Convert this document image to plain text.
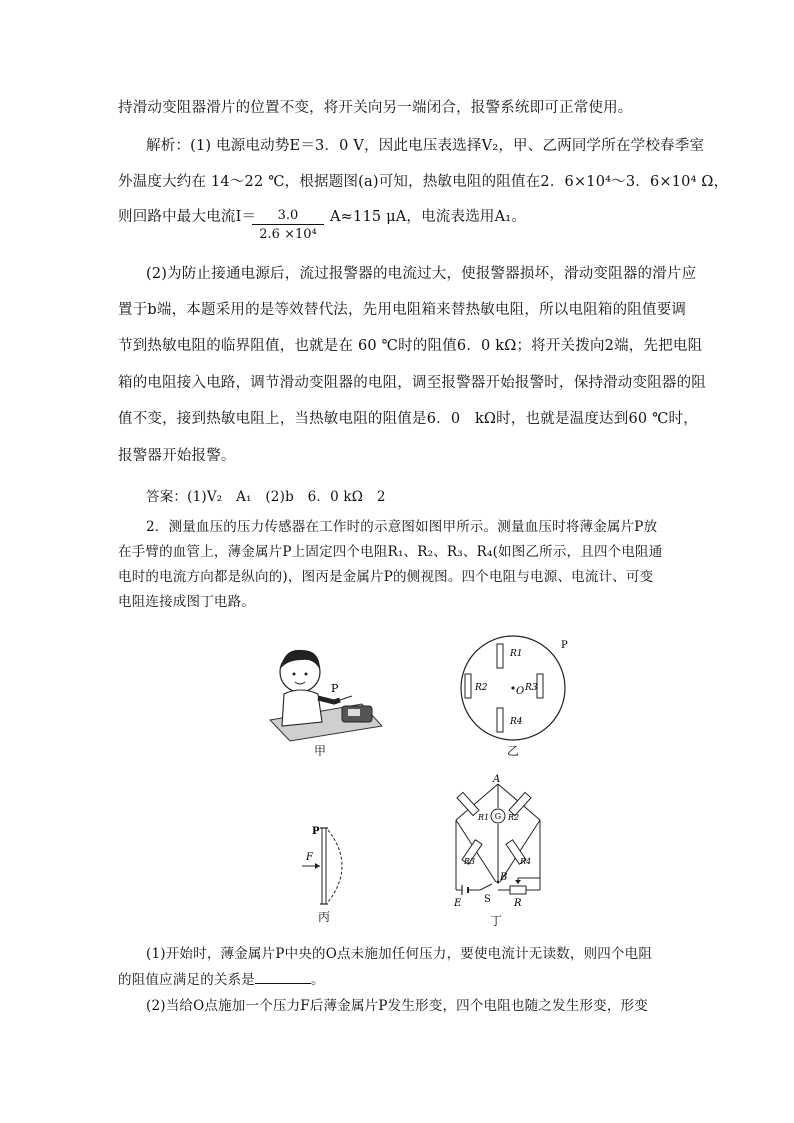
持滑动变阻器滑片的位置不变，将开关向另一端闭合，报警系统即可正常使用。
解析：(1) 电源电动势E＝3．0 V，因此电压表选择V₂，甲、乙两同学所在学校春季室
外温度大约在 14～22 ℃，根据题图(a)可知，热敏电阻的阻值在2．6×10⁴～3．6×10⁴ Ω，
则回路中最大电流I＝
$\frac{3.0}{\text{2.6 ×10⁴}} A\approx 115$ μA，电流表选用A₁。
(2)为防止接通电源后，流过报警器的电流过大，使报警器损坏，滑动变阻器的滑片应
置于b端，本题采用的是等效替代法，先用电阻箱来替热敏电阻，所以电阻箱的阻值要调
节到热敏电阻的临界阻值，也就是在 60 ℃时的阻值6．0 kΩ；将开关拨向2端，先把电阻
箱的电阻接入电路，调节滑动变阻器的电阻，调至报警器开始报警时，保持滑动变阻器的阻
值不变，接到热敏电阻上，当热敏电阻的阻值是6．0　kΩ时，也就是温度达到60 ℃时，
报警器开始报警。
答案：(1)V₂　A₁　(2)b　6．0 kΩ　2
2．测量血压的压力传感器在工作时的示意图如图甲所示。测量血压时将薄金属片P放
在手臂的血管上，薄金属片P上固定四个电阻R₁、R₂、R₃、R₄(如图乙所示，且四个电阻通
电时的电流方向都是纵向的)，图丙是金属片P的侧视图。四个电阻与电源、电流计、可变
电阻连接成图丁电路。
P
甲
R1
R2	R3
R4
O
P
乙
P
F
丙
A
G
R1 R2
R3	R4
B
E S R
丁
(1)开始时，薄金属片P中央的O点未施加任何压力，要使电流计无读数，则四个电阻
的阻值应满足的关系是	。
(2)当给O点施加一个压力F后薄金属片P发生形变，四个电阻也随之发生形变，形变
